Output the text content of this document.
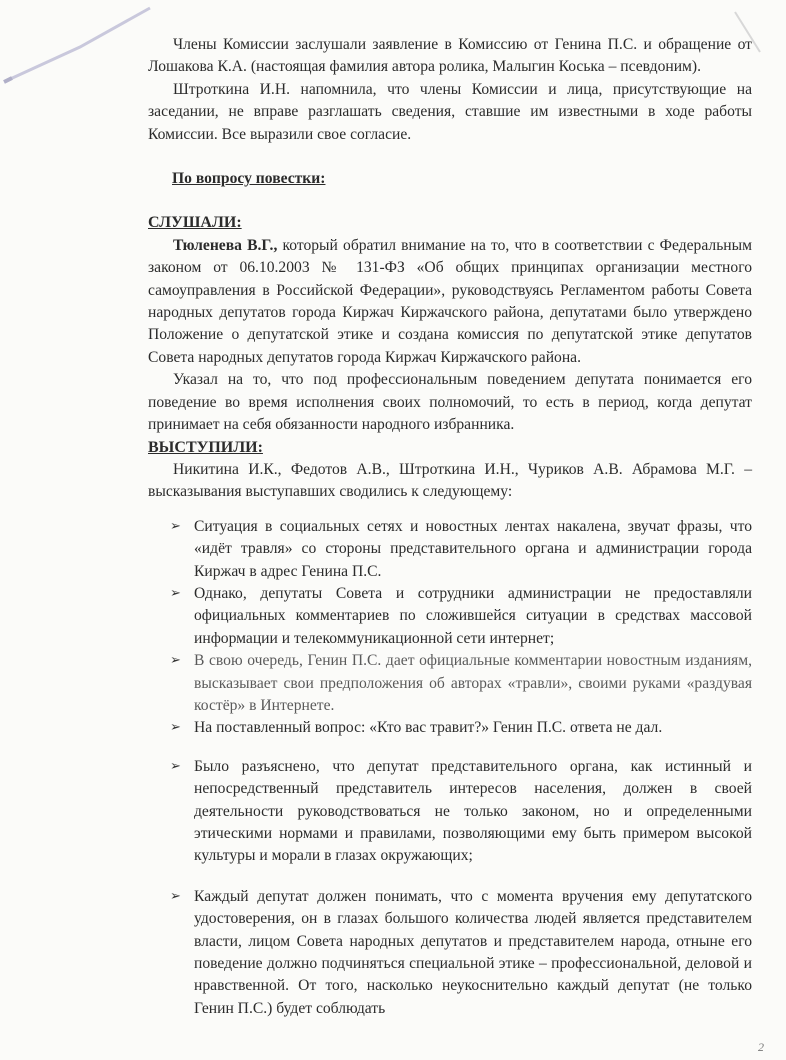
Члены Комиссии заслушали заявление в Комиссию от Генина П.С. и обращение от Лошакова К.А. (настоящая фамилия автора ролика, Малыгин Коська – псевдоним).

Штроткина И.Н. напомнила, что члены Комиссии и лица, присутствующие на заседании, не вправе разглашать сведения, ставшие им известными в ходе работы Комиссии. Все выразили свое согласие.

По вопросу повестки:
СЛУШАЛИ:

Тюленева В.Г., который обратил внимание на то, что в соответствии с Федеральным законом от 06.10.2003 № 131-ФЗ «Об общих принципах организации местного самоуправления в Российской Федерации», руководствуясь Регламентом работы Совета народных депутатов города Киржач Киржачского района, депутатами было утверждено Положение о депутатской этике и создана комиссия по депутатской этике депутатов Совета народных депутатов города Киржач Киржачского района.

Указал на то, что под профессиональным поведением депутата понимается его поведение во время исполнения своих полномочий, то есть в период, когда депутат принимает на себя обязанности народного избранника.

ВЫСТУПИЛИ:

Никитина И.К., Федотов А.В., Штроткина И.Н., Чуриков А.В. Абрамова М.Г. – высказывания выступавших сводились к следующему:

➢ Ситуация в социальных сетях и новостных лентах накалена, звучат фразы, что «идёт травля» со стороны представительного органа и администрации города Киржач в адрес Генина П.С.
➢ Однако, депутаты Совета и сотрудники администрации не предоставляли официальных комментариев по сложившейся ситуации в средствах массовой информации и телекоммуникационной сети интернет;
➢ В свою очередь, Генин П.С. дает официальные комментарии новостным изданиям, высказывает свои предположения об авторах «травли», своими руками «раздувая костёр» в Интернете.
➢ На поставленный вопрос: «Кто вас травит?» Генин П.С. ответа не дал.
➢ Было разъяснено, что депутат представительного органа, как истинный и непосредственный представитель интересов населения, должен в своей деятельности руководствоваться не только законом, но и определенными этическими нормами и правилами, позволяющими ему быть примером высокой культуры и морали в глазах окружающих;
➢ Каждый депутат должен понимать, что с момента вручения ему депутатского удостоверения, он в глазах большого количества людей является представителем власти, лицом Совета народных депутатов и представителем народа, отныне его поведение должно подчиняться специальной этике – профессиональной, деловой и нравственной. От того, насколько неукоснительно каждый депутат (не только Генин П.С.) будет соблюдать
2
